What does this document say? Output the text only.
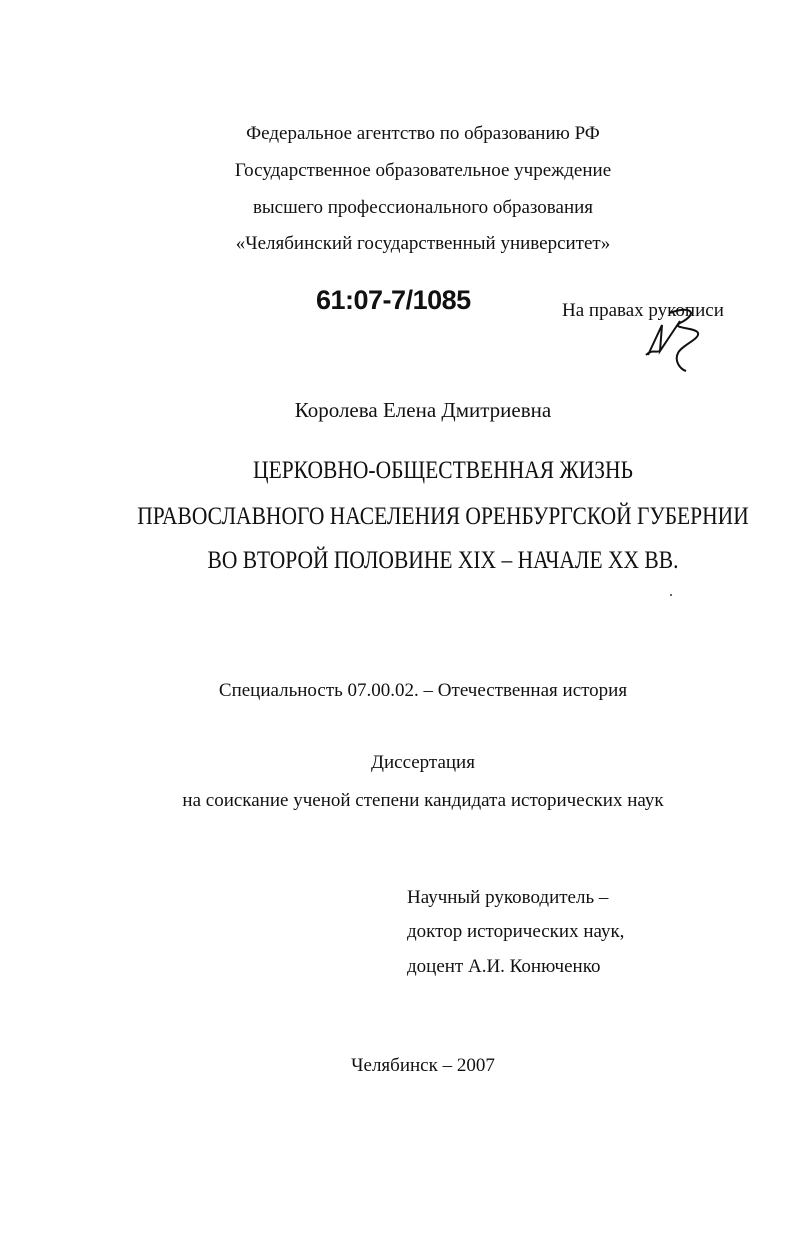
Федеральное агентство по образованию РФ
Государственное образовательное учреждение
высшего профессионального образования
«Челябинский государственный университет»
61:07-7/1085	На правах рукописи
Королева Елена Дмитриевна
ЦЕРКОВНО-ОБЩЕСТВЕННАЯ ЖИЗНЬ
ПРАВОСЛАВНОГО НАСЕЛЕНИЯ ОРЕНБУРГСКОЙ ГУБЕРНИИ
ВО ВТОРОЙ ПОЛОВИНЕ XIX – НАЧАЛЕ XX ВВ.
Специальность 07.00.02. – Отечественная история
Диссертация
на соискание ученой степени кандидата исторических наук
Научный руководитель –
доктор исторических наук,
доцент А.И. Конюченко
Челябинск – 2007
